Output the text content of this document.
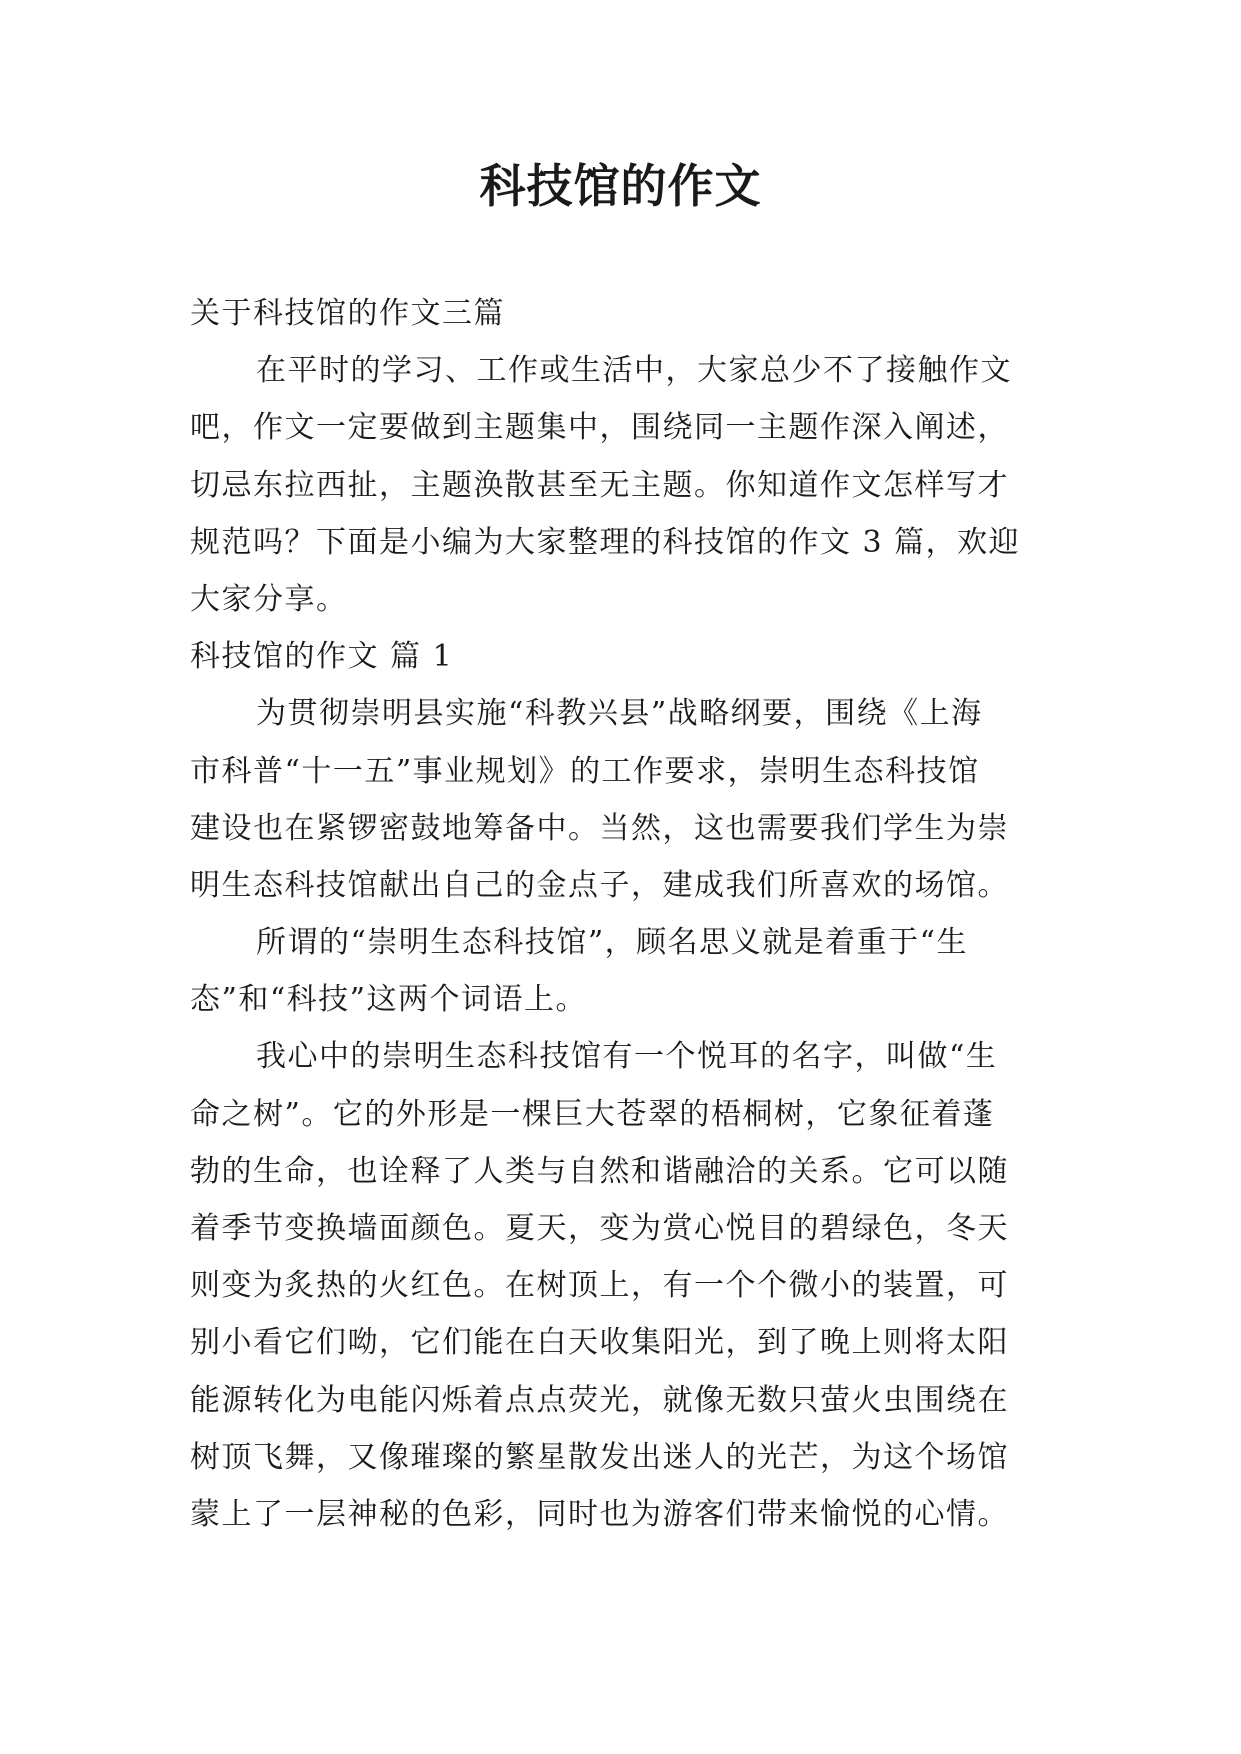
科技馆的作文
关于科技馆的作文三篇
在平时的学习、工作或生活中，大家总少不了接触作文
吧，作文一定要做到主题集中，围绕同一主题作深入阐述，
切忌东拉西扯，主题涣散甚至无主题。你知道作文怎样写才
规范吗？下面是小编为大家整理的科技馆的作文 3 篇，欢迎
大家分享。
科技馆的作文 篇 1
为贯彻崇明县实施“科教兴县”战略纲要，围绕《上海
市科普“十一五”事业规划》的工作要求，崇明生态科技馆
建设也在紧锣密鼓地筹备中。当然，这也需要我们学生为崇
明生态科技馆献出自己的金点子，建成我们所喜欢的场馆。
所谓的“崇明生态科技馆”，顾名思义就是着重于“生
态”和“科技”这两个词语上。
我心中的崇明生态科技馆有一个悦耳的名字，叫做“生
命之树”。它的外形是一棵巨大苍翠的梧桐树，它象征着蓬
勃的生命，也诠释了人类与自然和谐融洽的关系。它可以随
着季节变换墙面颜色。夏天，变为赏心悦目的碧绿色，冬天
则变为炙热的火红色。在树顶上，有一个个微小的装置，可
别小看它们呦，它们能在白天收集阳光，到了晚上则将太阳
能源转化为电能闪烁着点点荧光，就像无数只萤火虫围绕在
树顶飞舞，又像璀璨的繁星散发出迷人的光芒，为这个场馆
蒙上了一层神秘的色彩，同时也为游客们带来愉悦的心情。
